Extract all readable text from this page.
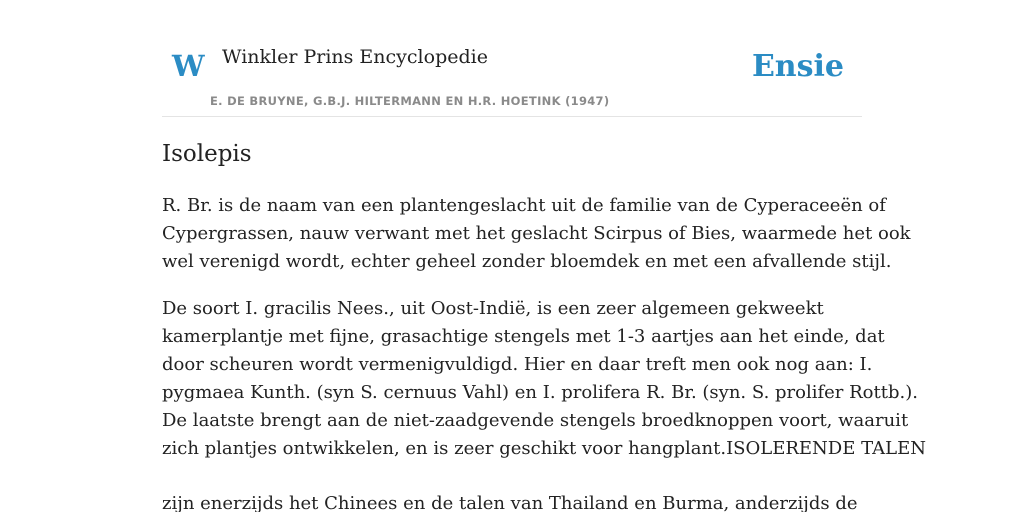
W Winkler Prins Encyclopedie
E. DE BRUYNE, G.B.J. HILTERMANN EN H.R. HOETINK (1947)
Ensie
Isolepis
R. Br. is de naam van een plantengeslacht uit de familie van de Cyperaceeën of
Cypergrassen, nauw verwant met het geslacht Scirpus of Bies, waarmede het ook
wel verenigd wordt, echter geheel zonder bloemdek en met een afvallende stijl.
De soort I. gracilis Nees., uit Oost-Indië, is een zeer algemeen gekweekt
kamerplantje met fijne, grasachtige stengels met 1-3 aartjes aan het einde, dat
door scheuren wordt vermenigvuldigd. Hier en daar treft men ook nog aan: I.
pygmaea Kunth. (syn S. cernuus Vahl) en I. prolifera R. Br. (syn. S. prolifer Rottb.).
De laatste brengt aan de niet-zaadgevende stengels broedknoppen voort, waaruit
zich plantjes ontwikkelen, en is zeer geschikt voor hangplant.ISOLERENDE TALEN
zijn enerzijds het Chinees en de talen van Thailand en Burma, anderzijds de
